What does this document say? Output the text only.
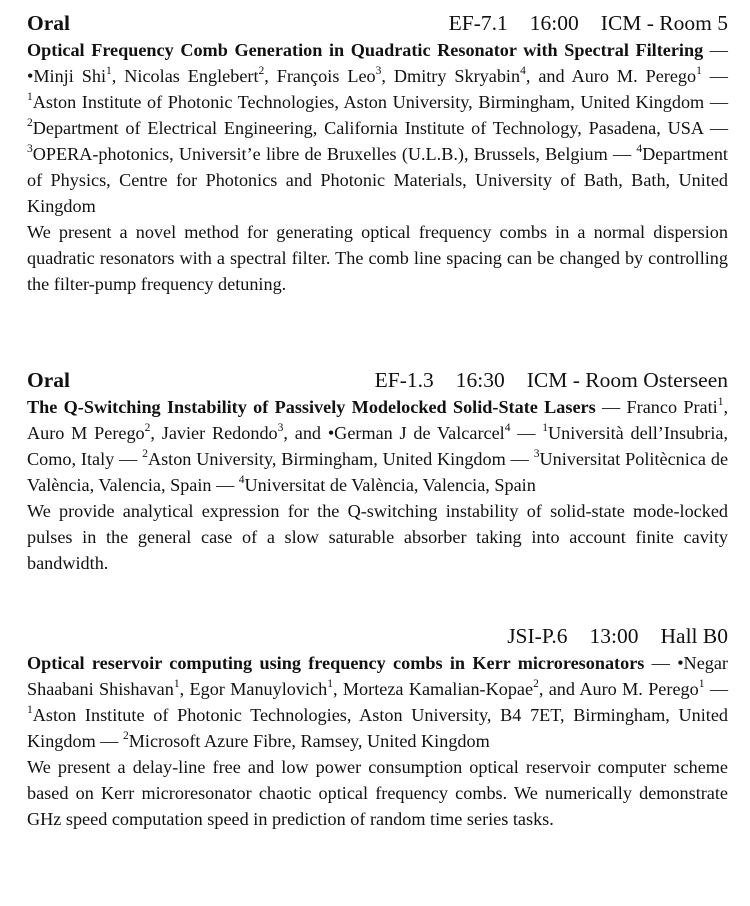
Oral	EF-7.1 16:00 ICM - Room 5
Optical Frequency Comb Generation in Quadratic Resonator with Spectral Filtering — •Minji Shi$^1$, Nicolas Englebert$^2$, François Leo$^3$, Dmitry Skryabin$^4$, and Auro M. Perego$^1$ — $^1$Aston Institute of Photonic Technologies, Aston University, Birmingham, United Kingdom — $^2$Department of Electrical Engineering, California Institute of Technology, Pasadena, USA — $^3$OPERA-photonics, Universit’e libre de Bruxelles (U.L.B.), Brussels, Belgium — $^4$Department of Physics, Centre for Photonics and Photonic Materials, University of Bath, Bath, United Kingdom
We present a novel method for generating optical frequency combs in a normal dispersion quadratic resonators with a spectral filter. The comb line spacing can be changed by controlling the filter-pump frequency detuning.
Oral	EF-1.3 16:30 ICM - Room Osterseen
The Q-Switching Instability of Passively Modelocked Solid-State Lasers — Franco Prati$^1$, Auro M Perego$^2$, Javier Redondo$^3$, and •German J de Valcarcel$^4$ — $^1$Università dell’Insubria, Como, Italy — $^2$Aston University, Birmingham, United Kingdom — $^3$Universitat Politècnica de València, Valencia, Spain — $^4$Universitat de València, Valencia, Spain
We provide analytical expression for the Q-switching instability of solid-state mode-locked pulses in the general case of a slow saturable absorber taking into account finite cavity bandwidth.
JSI-P.6 13:00 Hall B0
Optical reservoir computing using frequency combs in Kerr microresonators — •Negar Shaabani Shishavan$^1$, Egor Manuylovich$^1$, Morteza Kamalian-Kopae$^2$, and Auro M. Perego$^1$ — $^1$Aston Institute of Photonic Technologies, Aston University, B4 7ET, Birmingham, United Kingdom — $^2$Microsoft Azure Fibre, Ramsey, United Kingdom
We present a delay-line free and low power consumption optical reservoir computer scheme based on Kerr microresonator chaotic optical frequency combs. We numerically demonstrate GHz speed computation speed in prediction of random time series tasks.
